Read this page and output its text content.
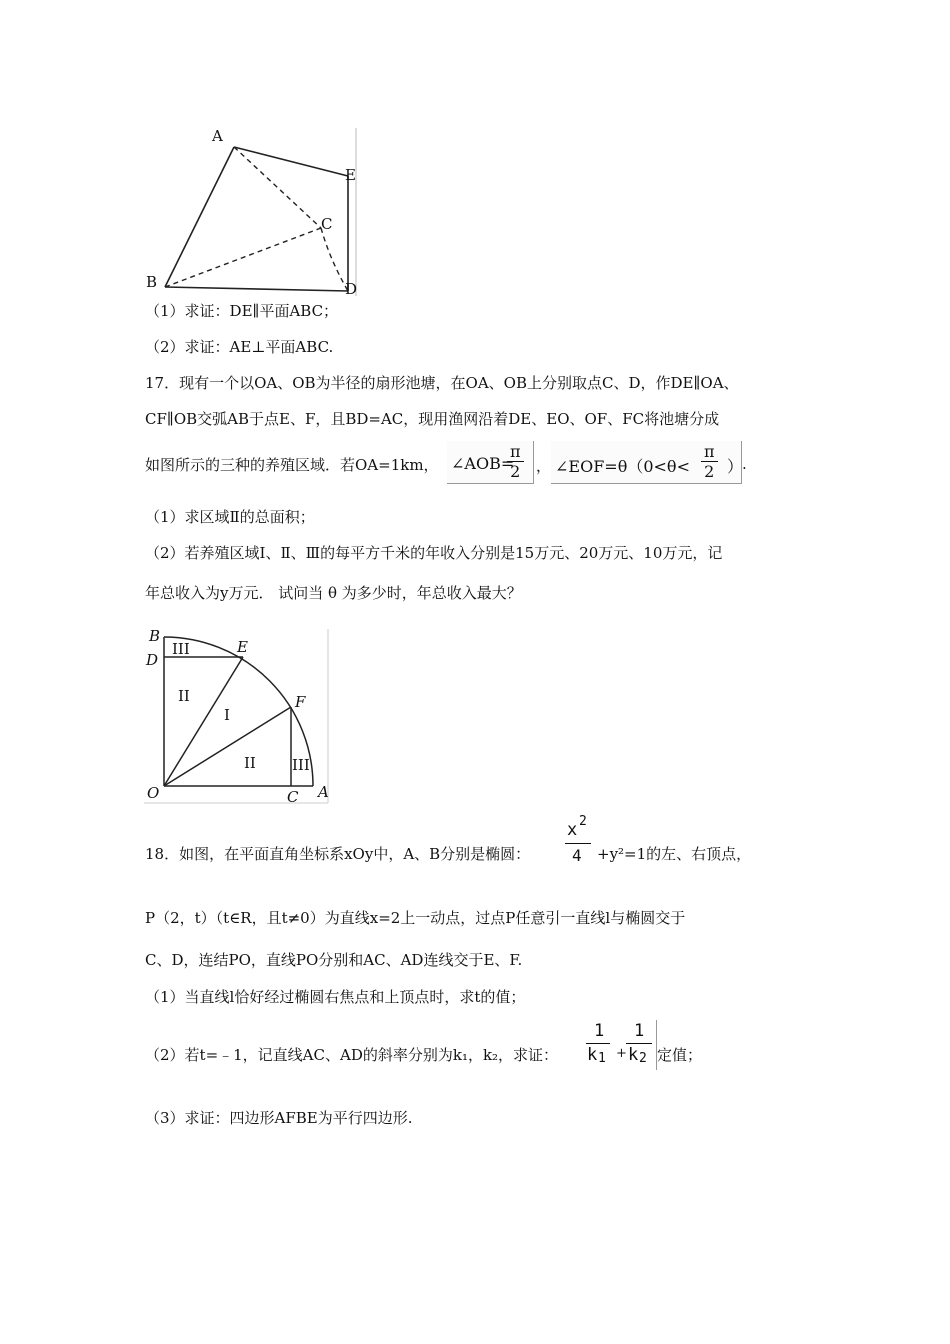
A
E
C
B	D
（1）求证：DE∥平面ABC；
（2）求证：AE⊥平面ABC.
17．现有一个以OA、OB为半径的扇形池塘，在OA、OB上分别取点C、D，作DE∥OA、
CF∥OB交弧AB于点E、F，且BD=AC，现用渔网沿着DE、EO、OF、FC将池塘分成
如图所示的三种的养殖区域．若OA=1km， ∠AOB=
$\frac{\pi}{2}$ ， ∠EOF=θ（0<θ< $\frac{\pi}{2}$ ）
.
（1）求区域Ⅱ的总面积；
（2）若养殖区域Ⅰ、Ⅱ、Ⅲ的每平方千米的年收入分别是15万元、20万元、10万元，记
年总收入为y万元． 试问当 θ 为多少时，年总收入最大？
B
D
E
F
O	C A
III
II
I
II III
18．如图，在平面直角坐标系xOy中，A、B分别是椭圆：
x 2
4 +y²=1的左、右顶点，
P（2，t）（t∈R，且t≠0）为直线x=2上一动点，过点P任意引一直线l与椭圆交于
C、D，连结PO，直线PO分别和AC、AD连线交于E、F.
（1）当直线l恰好经过椭圆右焦点和上顶点时，求t的值；
（2）若t=﹣1，记直线AC、AD的斜率分别为k₁，k₂，求证：
1
k 1 +
1
k 2 定值；
（3）求证：四边形AFBE为平行四边形.
